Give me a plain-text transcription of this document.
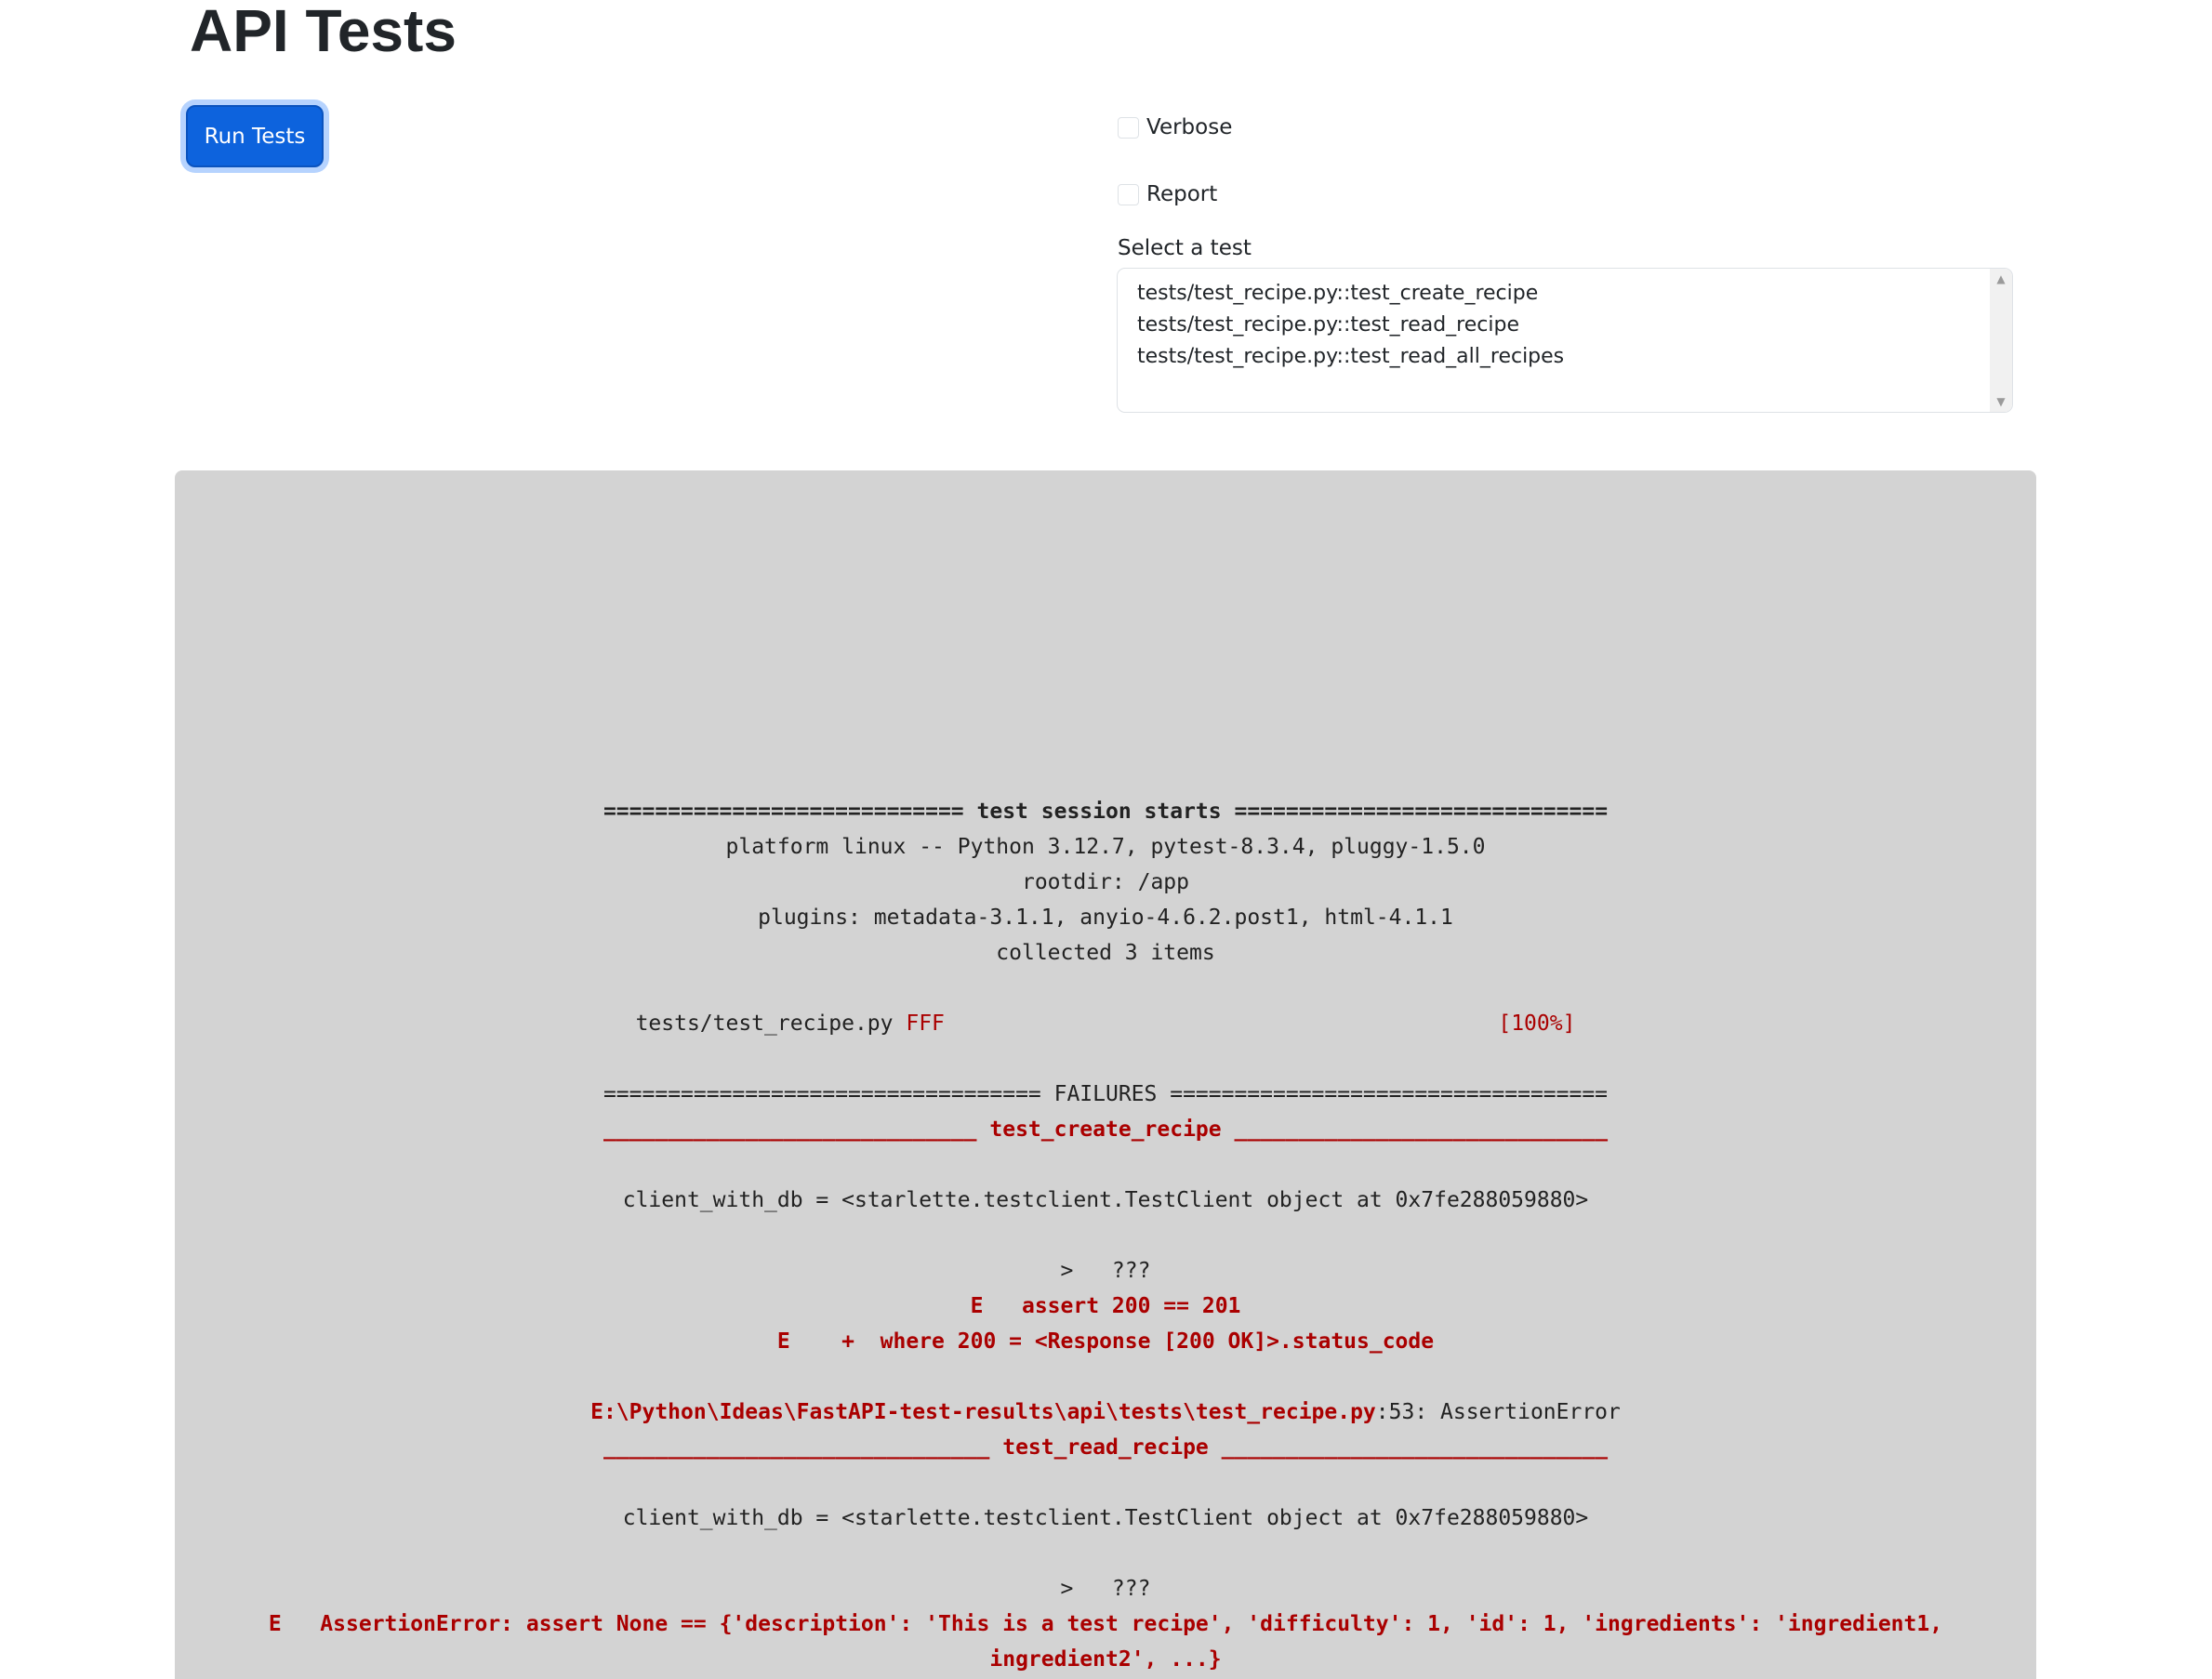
API Tests
Run Tests	Verbose
Report
Select a test
tests/test_recipe.py::test_create_recipe
tests/test_recipe.py::test_read_recipe
tests/test_recipe.py::test_read_all_recipes
▲
▼
============================ test session starts =============================
platform linux -- Python 3.12.7, pytest-8.3.4, pluggy-1.5.0
rootdir: /app
plugins: metadata-3.1.1, anyio-4.6.2.post1, html-4.1.1
collected 3 items
tests/test_recipe.py FFF	[100%]
================================== FAILURES ==================================
_____________________________ test_create_recipe _____________________________
client_with_db = <starlette.testclient.TestClient object at 0x7fe288059880>
>   ???
E   assert 200 == 201
E    +  where 200 = <Response [200 OK]>.status_code
E:\Python\Ideas\FastAPI-test-results\api\tests\test_recipe.py:53: AssertionError
______________________________ test_read_recipe ______________________________
client_with_db = <starlette.testclient.TestClient object at 0x7fe288059880>
>   ???
E   AssertionError: assert None == {'description': 'This is a test recipe', 'difficulty': 1, 'id': 1, 'ingredients': 'ingredient1,
ingredient2', ...}
